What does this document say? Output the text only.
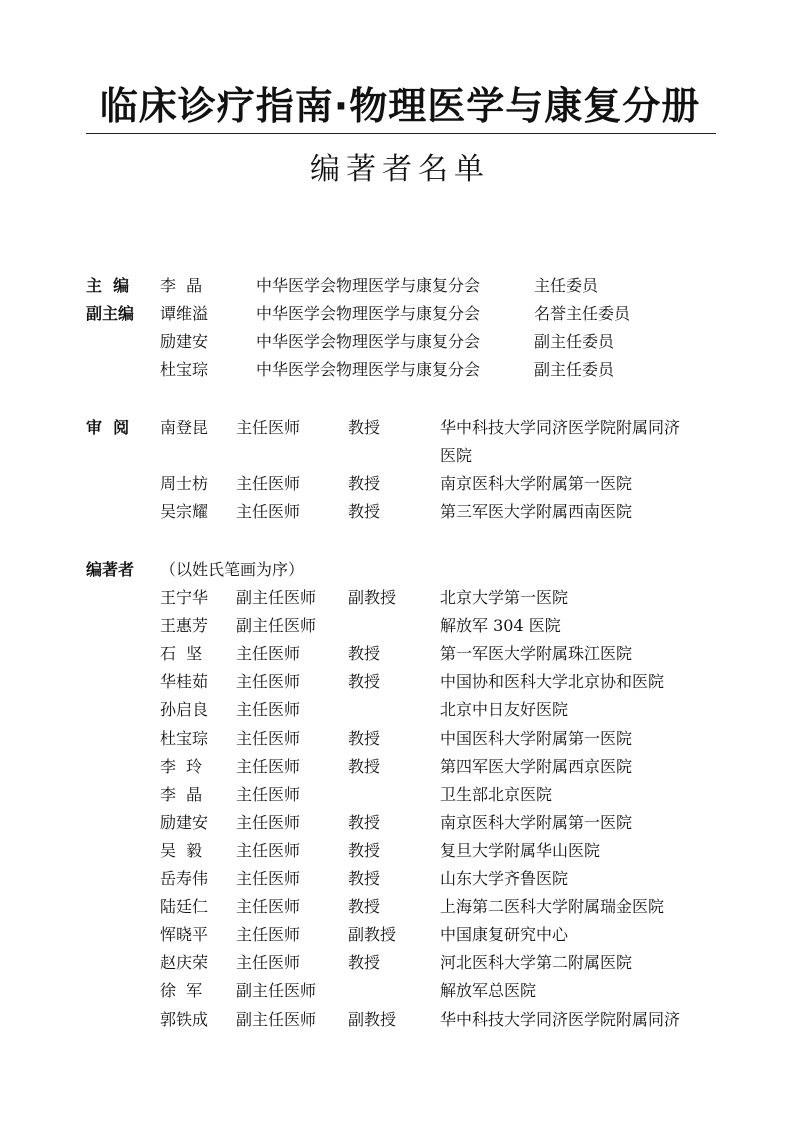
临床诊疗指南·物理医学与康复分册
编著者名单
主  编 李  晶	中华医学会物理医学与康复分会	主任委员
副主编 谭维溢	中华医学会物理医学与康复分会	名誉主任委员
励建安	中华医学会物理医学与康复分会	副主任委员
杜宝琮	中华医学会物理医学与康复分会	副主任委员
审  阅 南登昆 主任医师	教授	华中科技大学同济医学院附属同济
医院
周士枋 主任医师	教授	南京医科大学附属第一医院
吴宗耀 主任医师	教授	第三军医大学附属西南医院
编著者 （以姓氏笔画为序）
王宁华 副主任医师 副教授	北京大学第一医院
王惠芳 副主任医师	解放军 304 医院
石  坚 主任医师	教授	第一军医大学附属珠江医院
华桂茹 主任医师	教授	中国协和医科大学北京协和医院
孙启良 主任医师	北京中日友好医院
杜宝琮 主任医师	教授	中国医科大学附属第一医院
李  玲 主任医师	教授	第四军医大学附属西京医院
李  晶 主任医师	卫生部北京医院
励建安 主任医师	教授	南京医科大学附属第一医院
吴  毅 主任医师	教授	复旦大学附属华山医院
岳寿伟 主任医师	教授	山东大学齐鲁医院
陆廷仁 主任医师	教授	上海第二医科大学附属瑞金医院
恽晓平 主任医师	副教授	中国康复研究中心
赵庆荣 主任医师	教授	河北医科大学第二附属医院
徐  军 副主任医师	解放军总医院
郭铁成 副主任医师 副教授	华中科技大学同济医学院附属同济
